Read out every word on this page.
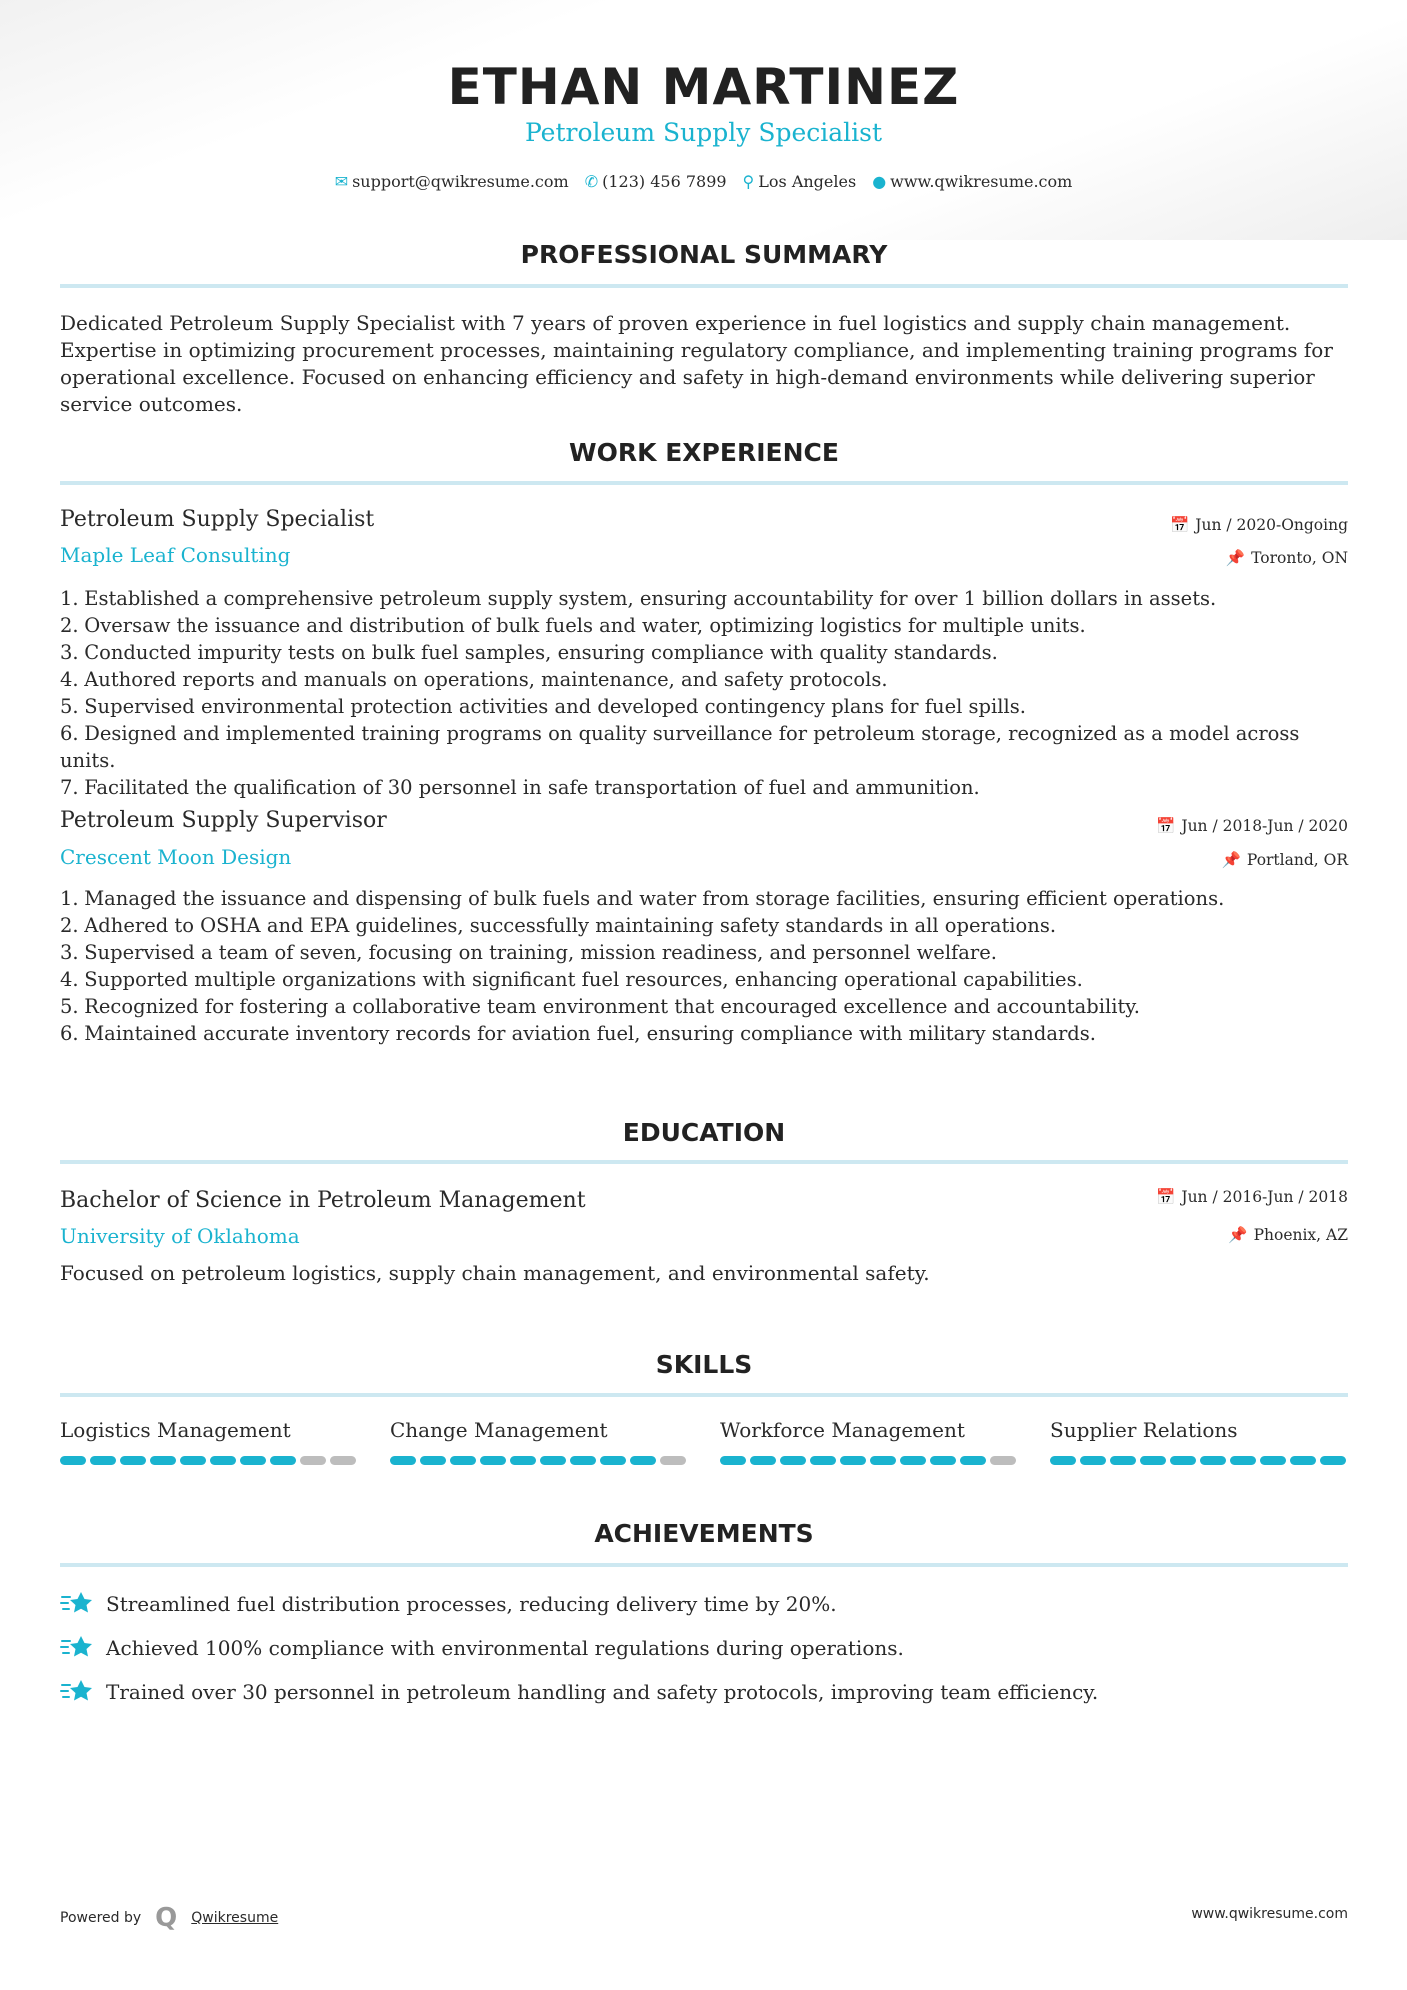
ETHAN MARTINEZ
Petroleum Supply Specialist
✉ support@qwikresume.com ✆ (123) 456 7899 ⚲ Los Angeles ● www.qwikresume.com
PROFESSIONAL SUMMARY
Dedicated Petroleum Supply Specialist with 7 years of proven experience in fuel logistics and supply chain management. Expertise in optimizing procurement processes, maintaining regulatory compliance, and implementing training programs for operational excellence. Focused on enhancing efficiency and safety in high-demand environments while delivering superior service outcomes.
WORK EXPERIENCE
Petroleum Supply Specialist
Maple Leaf Consulting
📅 Jun / 2020-Ongoing
📌 Toronto, ON
1. Established a comprehensive petroleum supply system, ensuring accountability for over 1 billion dollars in assets.
2. Oversaw the issuance and distribution of bulk fuels and water, optimizing logistics for multiple units.
3. Conducted impurity tests on bulk fuel samples, ensuring compliance with quality standards.
4. Authored reports and manuals on operations, maintenance, and safety protocols.
5. Supervised environmental protection activities and developed contingency plans for fuel spills.
6. Designed and implemented training programs on quality surveillance for petroleum storage, recognized as a model across units.
7. Facilitated the qualification of 30 personnel in safe transportation of fuel and ammunition.
Petroleum Supply Supervisor
Crescent Moon Design
📅 Jun / 2018-Jun / 2020
📌 Portland, OR
1. Managed the issuance and dispensing of bulk fuels and water from storage facilities, ensuring efficient operations.
2. Adhered to OSHA and EPA guidelines, successfully maintaining safety standards in all operations.
3. Supervised a team of seven, focusing on training, mission readiness, and personnel welfare.
4. Supported multiple organizations with significant fuel resources, enhancing operational capabilities.
5. Recognized for fostering a collaborative team environment that encouraged excellence and accountability.
6. Maintained accurate inventory records for aviation fuel, ensuring compliance with military standards.
EDUCATION
Bachelor of Science in Petroleum Management
University of Oklahoma
📅 Jun / 2016-Jun / 2018
📌 Phoenix, AZ
Focused on petroleum logistics, supply chain management, and environmental safety.
SKILLS
Logistics Management	Change Management	Workforce Management	Supplier Relations
ACHIEVEMENTS
Streamlined fuel distribution processes, reducing delivery time by 20%.
Achieved 100% compliance with environmental regulations during operations.
Trained over 30 personnel in petroleum handling and safety protocols, improving team efficiency.
Powered by Q Qwikresume	www.qwikresume.com
